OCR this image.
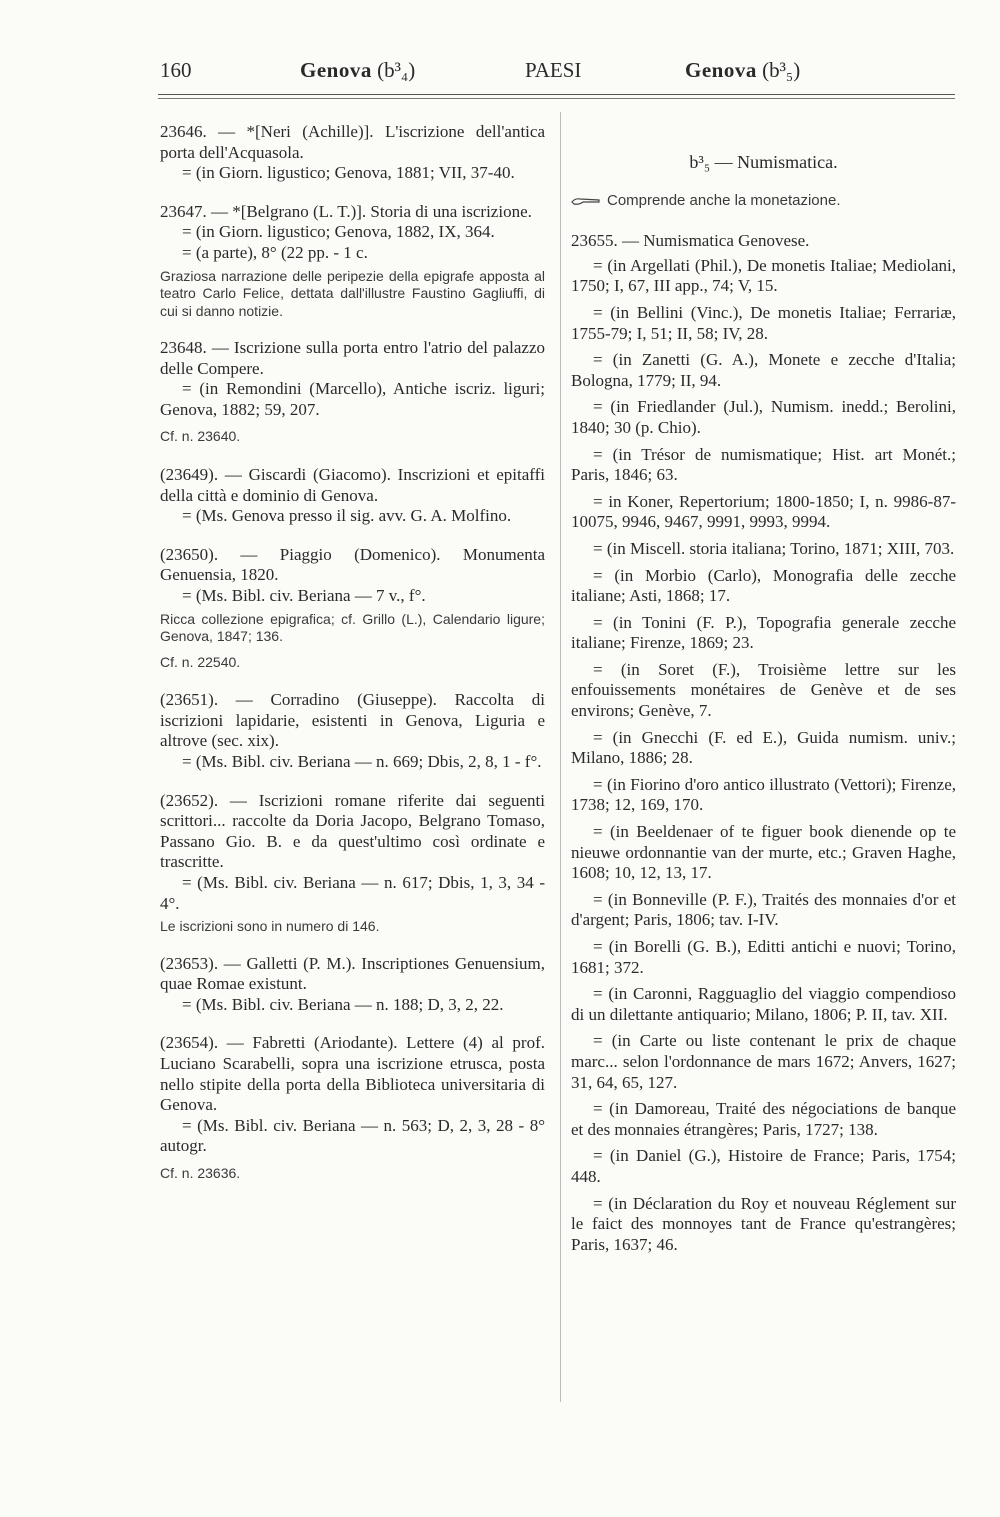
160	Genova (b³₄)	PAESI	Genova (b³₅)

23646. — *[Neri (Achille)]. L'iscrizione dell'antica porta dell'Acquasola.

= (in Giorn. ligustico; Genova, 1881; VII, 37-40.

23647. — *[Belgrano (L. T.)]. Storia di una iscrizione.

= (in Giorn. ligustico; Genova, 1882, IX, 364.

= (a parte), 8° (22 pp. - 1 c.

Graziosa narrazione delle peripezie della epigrafe apposta al teatro Carlo Felice, dettata dall'illustre Faustino Gagliuffi, di cui si danno notizie.

23648. — Iscrizione sulla porta entro l'atrio del palazzo delle Compere.

= (in Remondini (Marcello), Antiche iscriz. liguri; Genova, 1882; 59, 207.

Cf. n. 23640.

(23649). — Giscardi (Giacomo). Inscrizioni et epitaffi della città e dominio di Genova.

= (Ms. Genova presso il sig. avv. G. A. Molfino.

(23650). — Piaggio (Domenico). Monumenta Genuensia, 1820.

= (Ms. Bibl. civ. Beriana — 7 v., f°.

Ricca collezione epigrafica; cf. Grillo (L.), Calendario ligure; Genova, 1847; 136.

Cf. n. 22540.

(23651). — Corradino (Giuseppe). Raccolta di iscrizioni lapidarie, esistenti in Genova, Liguria e altrove (sec. xix).

= (Ms. Bibl. civ. Beriana — n. 669; Dbis, 2, 8, 1 - f°.

(23652). — Iscrizioni romane riferite dai seguenti scrittori... raccolte da Doria Jacopo, Belgrano Tomaso, Passano Gio. B. e da quest'ultimo così ordinate e trascritte.

= (Ms. Bibl. civ. Beriana — n. 617; Dbis, 1, 3, 34 - 4°.

Le iscrizioni sono in numero di 146.

(23653). — Galletti (P. M.). Inscriptiones Genuensium, quae Romae existunt.

= (Ms. Bibl. civ. Beriana — n. 188; D, 3, 2, 22.

(23654). — Fabretti (Ariodante). Lettere (4) al prof. Luciano Scarabelli, sopra una iscrizione etrusca, posta nello stipite della porta della Biblioteca universitaria di Genova.

= (Ms. Bibl. civ. Beriana — n. 563; D, 2, 3, 28 - 8° autogr.

Cf. n. 23636.

b³₅ — Numismatica.

Comprende anche la monetazione.

23655. — Numismatica Genovese.

= (in Argellati (Phil.), De monetis Italiae; Mediolani, 1750; I, 67, III app., 74; V, 15.

= (in Bellini (Vinc.), De monetis Italiae; Ferrariæ, 1755-79; I, 51; II, 58; IV, 28.

= (in Zanetti (G. A.), Monete e zecche d'Italia; Bologna, 1779; II, 94.

= (in Friedlander (Jul.), Numism. inedd.; Berolini, 1840; 30 (p. Chio).

= (in Trésor de numismatique; Hist. art Monét.; Paris, 1846; 63.

= in Koner, Repertorium; 1800-1850; I, n. 9986-87-10075, 9946, 9467, 9991, 9993, 9994.

= (in Miscell. storia italiana; Torino, 1871; XIII, 703.

= (in Morbio (Carlo), Monografia delle zecche italiane; Asti, 1868; 17.

= (in Tonini (F. P.), Topografia generale zecche italiane; Firenze, 1869; 23.

= (in Soret (F.), Troisième lettre sur les enfouissements monétaires de Genève et de ses environs; Genève, 7.

= (in Gnecchi (F. ed E.), Guida numism. univ.; Milano, 1886; 28.

= (in Fiorino d'oro antico illustrato (Vettori); Firenze, 1738; 12, 169, 170.

= (in Beeldenaer of te figuer book dienende op te nieuwe ordonnantie van der murte, etc.; Graven Haghe, 1608; 10, 12, 13, 17.

= (in Bonneville (P. F.), Traités des monnaies d'or et d'argent; Paris, 1806; tav. I-IV.

= (in Borelli (G. B.), Editti antichi e nuovi; Torino, 1681; 372.

= (in Caronni, Ragguaglio del viaggio compendioso di un dilettante antiquario; Milano, 1806; P. II, tav. XII.

= (in Carte ou liste contenant le prix de chaque marc... selon l'ordonnance de mars 1672; Anvers, 1627; 31, 64, 65, 127.

= (in Damoreau, Traité des négociations de banque et des monnaies étrangères; Paris, 1727; 138.

= (in Daniel (G.), Histoire de France; Paris, 1754; 448.

= (in Déclaration du Roy et nouveau Réglement sur le faict des monnoyes tant de France qu'estrangères; Paris, 1637; 46.
